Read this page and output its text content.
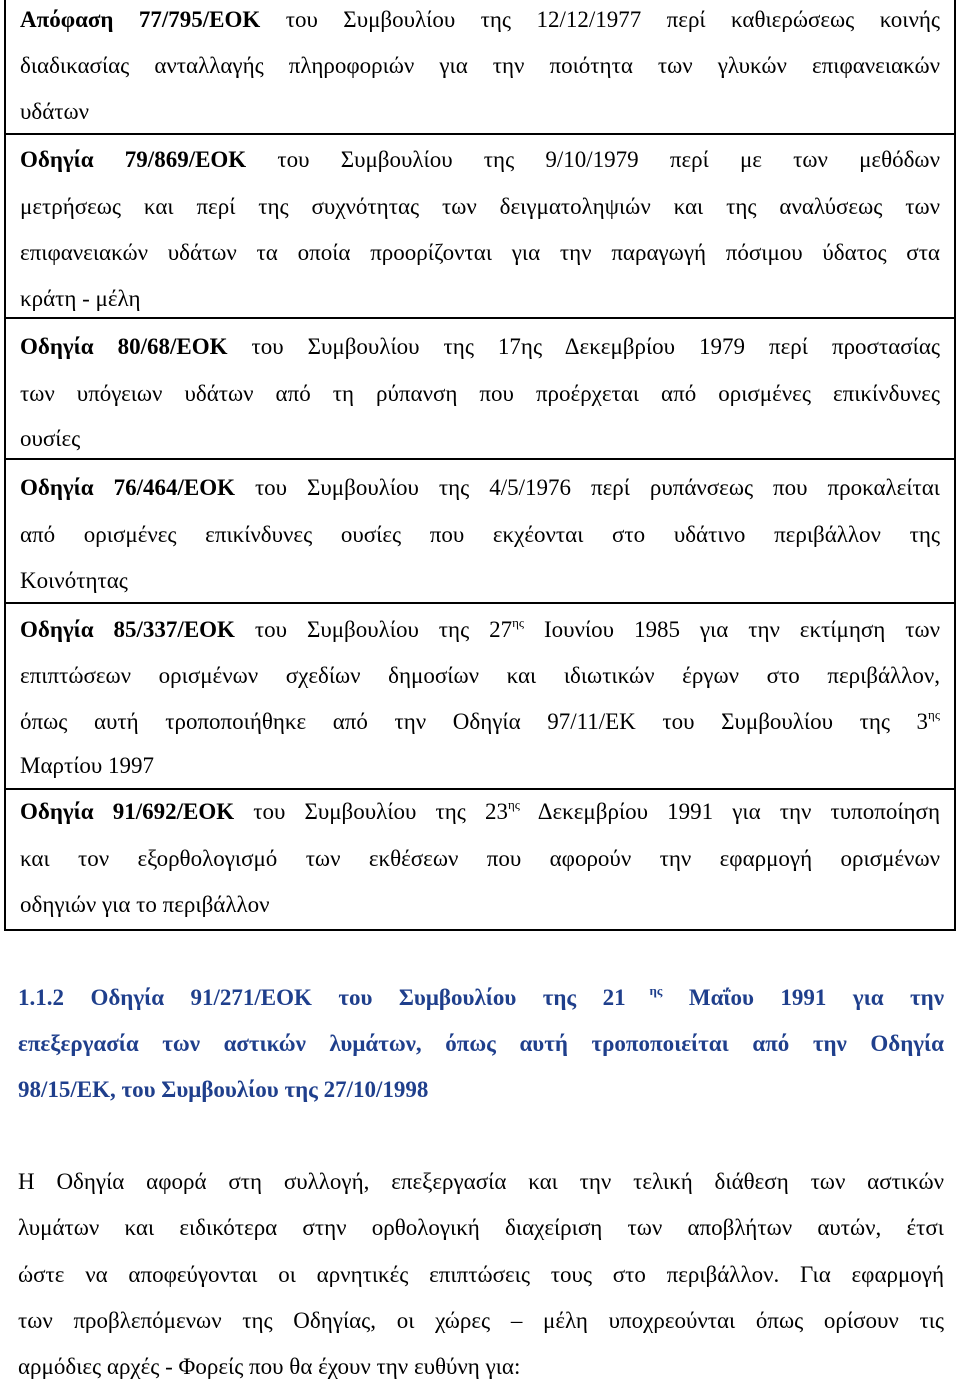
Απόφαση 77/795/ΕΟΚ του Συμβουλίου της 12/12/1977 περί καθιερώσεως κοινής
διαδικασίας ανταλλαγής πληροφοριών για την ποιότητα των γλυκών επιφανειακών
υδάτων
Οδηγία 79/869/ΕΟΚ του Συμβουλίου της 9/10/1979 περί με των μεθόδων
μετρήσεως και περί της συχνότητας των δειγματοληψιών και της αναλύσεως των
επιφανειακών υδάτων τα οποία προορίζονται για την παραγωγή πόσιμου ύδατος στα
κράτη - μέλη
Οδηγία 80/68/ΕΟΚ του Συμβουλίου της 17ης Δεκεμβρίου 1979 περί προστασίας
των υπόγειων υδάτων από τη ρύπανση που προέρχεται από ορισμένες επικίνδυνες
ουσίες
Οδηγία 76/464/ΕΟΚ του Συμβουλίου της 4/5/1976 περί ρυπάνσεως που προκαλείται
από ορισμένες επικίνδυνες ουσίες που εκχέονται στο υδάτινο περιβάλλον της
Κοινότητας
Οδηγία 85/337/ΕΟΚ του Συμβουλίου της $27^{\eta\varsigma}$ Ιουνίου 1985 για την εκτίμηση των
επιπτώσεων ορισμένων σχεδίων δημοσίων και ιδιωτικών έργων στο περιβάλλον,
όπως αυτή τροποποιήθηκε από την Οδηγία 97/11/ΕΚ του Συμβουλίου της $3^{\eta\varsigma}$
Μαρτίου 1997
Οδηγία 91/692/ΕΟΚ του Συμβουλίου της $23^{\eta\varsigma}$ Δεκεμβρίου 1991 για την τυποποίηση
και τον εξορθολογισμό των εκθέσεων που αφορούν την εφαρμογή ορισμένων
οδηγιών για το περιβάλλον
1.1.2 Οδηγία 91/271/ΕΟΚ του Συμβουλίου της 21 $^{\eta\varsigma}$ Μαΐου 1991 για την
επεξεργασία των αστικών λυμάτων, όπως αυτή τροποποιείται από την Οδηγία
98/15/ΕΚ, του Συμβουλίου της 27/10/1998
Η Οδηγία αφορά στη συλλογή, επεξεργασία και την τελική διάθεση των αστικών
λυμάτων και ειδικότερα στην ορθολογική διαχείριση των αποβλήτων αυτών, έτσι
ώστε να αποφεύγονται οι αρνητικές επιπτώσεις τους στο περιβάλλον. Για εφαρμογή
των προβλεπόμενων της Οδηγίας, οι χώρες – μέλη υποχρεούνται όπως ορίσουν τις
αρμόδιες αρχές - Φορείς που θα έχουν την ευθύνη για:
